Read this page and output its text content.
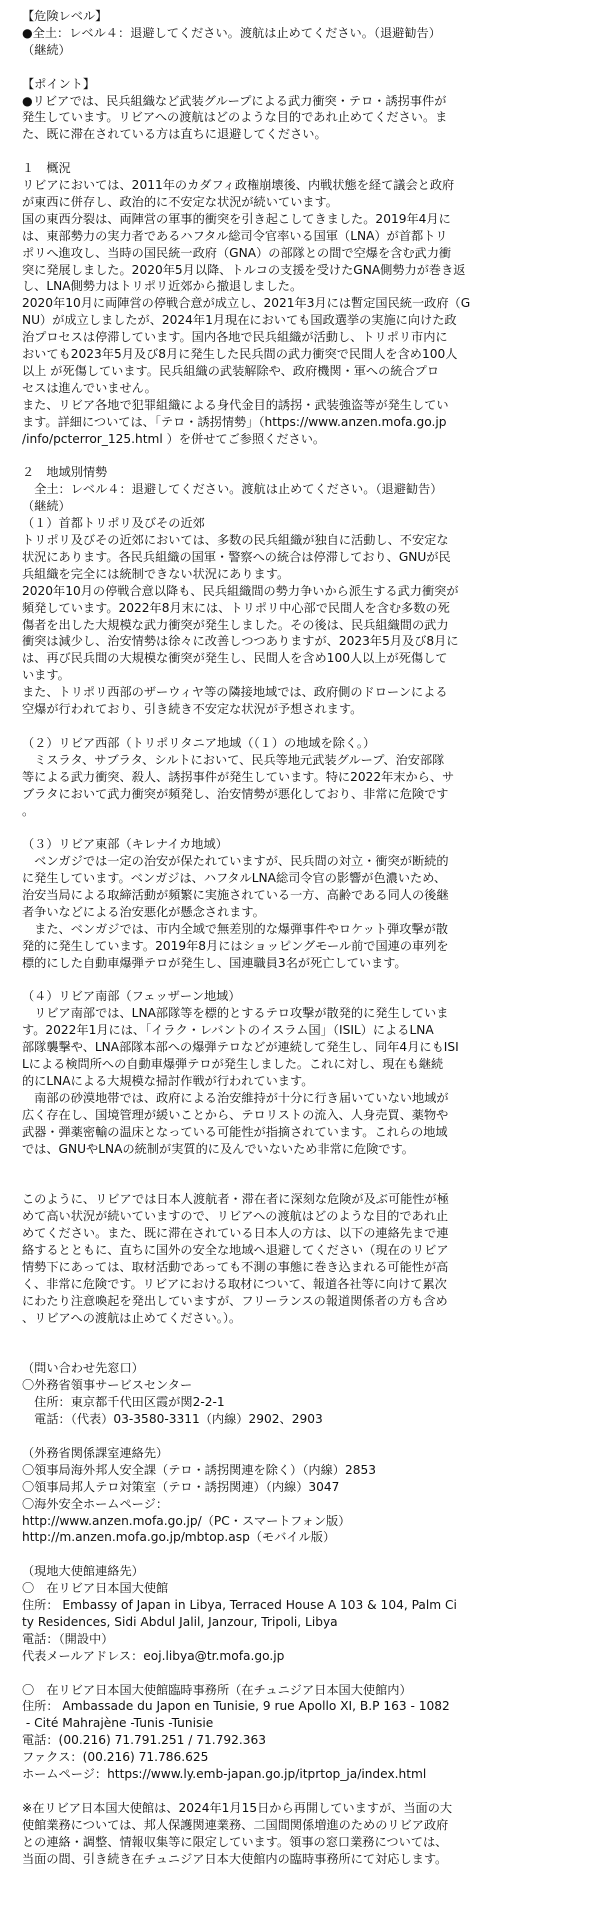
【危険レベル】
●全土：レベル４：退避してください。渡航は止めてください。（退避勧告）
（継続）
【ポイント】
●リビアでは、民兵組織など武装グループによる武力衝突・テロ・誘拐事件が
発生しています。リビアへの渡航はどのような目的であれ止めてください。ま
た、既に滞在されている方は直ちに退避してください。
１　概況
リビアにおいては、2011年のカダフィ政権崩壊後、内戦状態を経て議会と政府
が東西に併存し、政治的に不安定な状況が続いています。
国の東西分裂は、両陣営の軍事的衝突を引き起こしてきました。2019年4月に
は、東部勢力の実力者であるハフタル総司令官率いる国軍（LNA）が首都トリ
ポリへ進攻し、当時の国民統一政府（GNA）の部隊との間で空爆を含む武力衝
突に発展しました。2020年5月以降、トルコの支援を受けたGNA側勢力が巻き返
し、LNA側勢力はトリポリ近郊から撤退しました。
2020年10月に両陣営の停戦合意が成立し、2021年3月には暫定国民統一政府（G
NU）が成立しましたが、2024年1月現在においても国政選挙の実施に向けた政
治プロセスは停滞しています。国内各地で民兵組織が活動し、トリポリ市内に
おいても2023年5月及び8月に発生した民兵間の武力衝突で民間人を含め100人
以上 が死傷しています。民兵組織の武装解除や、政府機関・軍への統合プロ
セスは進んでいません。
また、リビア各地で犯罪組織による身代金目的誘拐・武装強盗等が発生してい
ます。詳細については、「テロ・誘拐情勢」（https://www.anzen.mofa.go.jp
/info/pcterror_125.html ）を併せてご参照ください。
２　地域別情勢
　全土：レベル４：退避してください。渡航は止めてください。（退避勧告）
（継続）
（１）首都トリポリ及びその近郊
トリポリ及びその近郊においては、多数の民兵組織が独自に活動し、不安定な
状況にあります。各民兵組織の国軍・警察への統合は停滞しており、GNUが民
兵組織を完全には統制できない状況にあります。
2020年10月の停戦合意以降も、民兵組織間の勢力争いから派生する武力衝突が
頻発しています。2022年8月末には、トリポリ中心部で民間人を含む多数の死
傷者を出した大規模な武力衝突が発生しました。その後は、民兵組織間の武力
衝突は減少し、治安情勢は徐々に改善しつつありますが、2023年5月及び8月に
は、再び民兵間の大規模な衝突が発生し、民間人を含め100人以上が死傷して
います。
また、トリポリ西部のザーウィヤ等の隣接地域では、政府側のドローンによる
空爆が行われており、引き続き不安定な状況が予想されます。
（２）リビア西部（トリポリタニア地域（（１）の地域を除く。）
　ミスラタ、サブラタ、シルトにおいて、民兵等地元武装グループ、治安部隊
等による武力衝突、殺人、誘拐事件が発生しています。特に2022年末から、サ
ブラタにおいて武力衝突が頻発し、治安情勢が悪化しており、非常に危険です
。
（３）リビア東部（キレナイカ地域）
　ベンガジでは一定の治安が保たれていますが、民兵間の対立・衝突が断続的
に発生しています。ベンガジは、ハフタルLNA総司令官の影響が色濃いため、
治安当局による取締活動が頻繁に実施されている一方、高齢である同人の後継
者争いなどによる治安悪化が懸念されます。
　また、ベンガジでは、市内全域で無差別的な爆弾事件やロケット弾攻撃が散
発的に発生しています。2019年8月にはショッピングモール前で国連の車列を
標的にした自動車爆弾テロが発生し、国連職員3名が死亡しています。
（４）リビア南部（フェッザーン地域）
　リビア南部では、LNA部隊等を標的とするテロ攻撃が散発的に発生していま
す。2022年1月には、「イラク・レバントのイスラム国」（ISIL）によるLNA
部隊襲撃や、LNA部隊本部への爆弾テロなどが連続して発生し、同年4月にもISI
Lによる検問所への自動車爆弾テロが発生しました。これに対し、現在も継続
的にLNAによる大規模な掃討作戦が行われています。
　南部の砂漠地帯では、政府による治安維持が十分に行き届いていない地域が
広く存在し、国境管理が緩いことから、テロリストの流入、人身売買、薬物や
武器・弾薬密輸の温床となっている可能性が指摘されています。これらの地域
では、GNUやLNAの統制が実質的に及んでいないため非常に危険です。
このように、リビアでは日本人渡航者・滞在者に深刻な危険が及ぶ可能性が極
めて高い状況が続いていますので、リビアへの渡航はどのような目的であれ止
めてください。また、既に滞在されている日本人の方は、以下の連絡先まで連
絡するとともに、直ちに国外の安全な地域へ退避してください（現在のリビア
情勢下にあっては、取材活動であっても不測の事態に巻き込まれる可能性が高
く、非常に危険です。リビアにおける取材について、報道各社等に向けて累次
にわたり注意喚起を発出していますが、フリーランスの報道関係者の方も含め
、リビアへの渡航は止めてください。）。
（問い合わせ先窓口）
〇外務省領事サービスセンター
　住所：東京都千代田区霞が関2-2-1
　電話：（代表）03-3580-3311（内線）2902、2903
（外務省関係課室連絡先）
〇領事局海外邦人安全課（テロ・誘拐関連を除く）（内線）2853
〇領事局邦人テロ対策室（テロ・誘拐関連）（内線）3047
〇海外安全ホームページ：
http://www.anzen.mofa.go.jp/（PC・スマートフォン版）
http://m.anzen.mofa.go.jp/mbtop.asp（モバイル版）
（現地大使館連絡先）
〇　在リビア日本国大使館
住所： Embassy of Japan in Libya, Terraced House A 103 & 104, Palm Ci
ty Residences, Sidi Abdul Jalil, Janzour, Tripoli, Libya
電話：（開設中）
代表メールアドレス：eoj.libya@tr.mofa.go.jp
〇　在リビア日本国大使館臨時事務所（在チュニジア日本国大使館内）
住所： Ambassade du Japon en Tunisie, 9 rue Apollo XI, B.P 163 - 1082
- Cité Mahrajène -Tunis -Tunisie
電話：(00.216) 71.791.251 / 71.792.363
ファクス：(00.216) 71.786.625
ホームページ：https://www.ly.emb-japan.go.jp/itprtop_ja/index.html
※在リビア日本国大使館は、2024年1月15日から再開していますが、当面の大
使館業務については、邦人保護関連業務、二国間関係増進のためのリビア政府
との連絡・調整、情報収集等に限定しています。領事の窓口業務については、
当面の間、引き続き在チュニジア日本大使館内の臨時事務所にて対応します。
